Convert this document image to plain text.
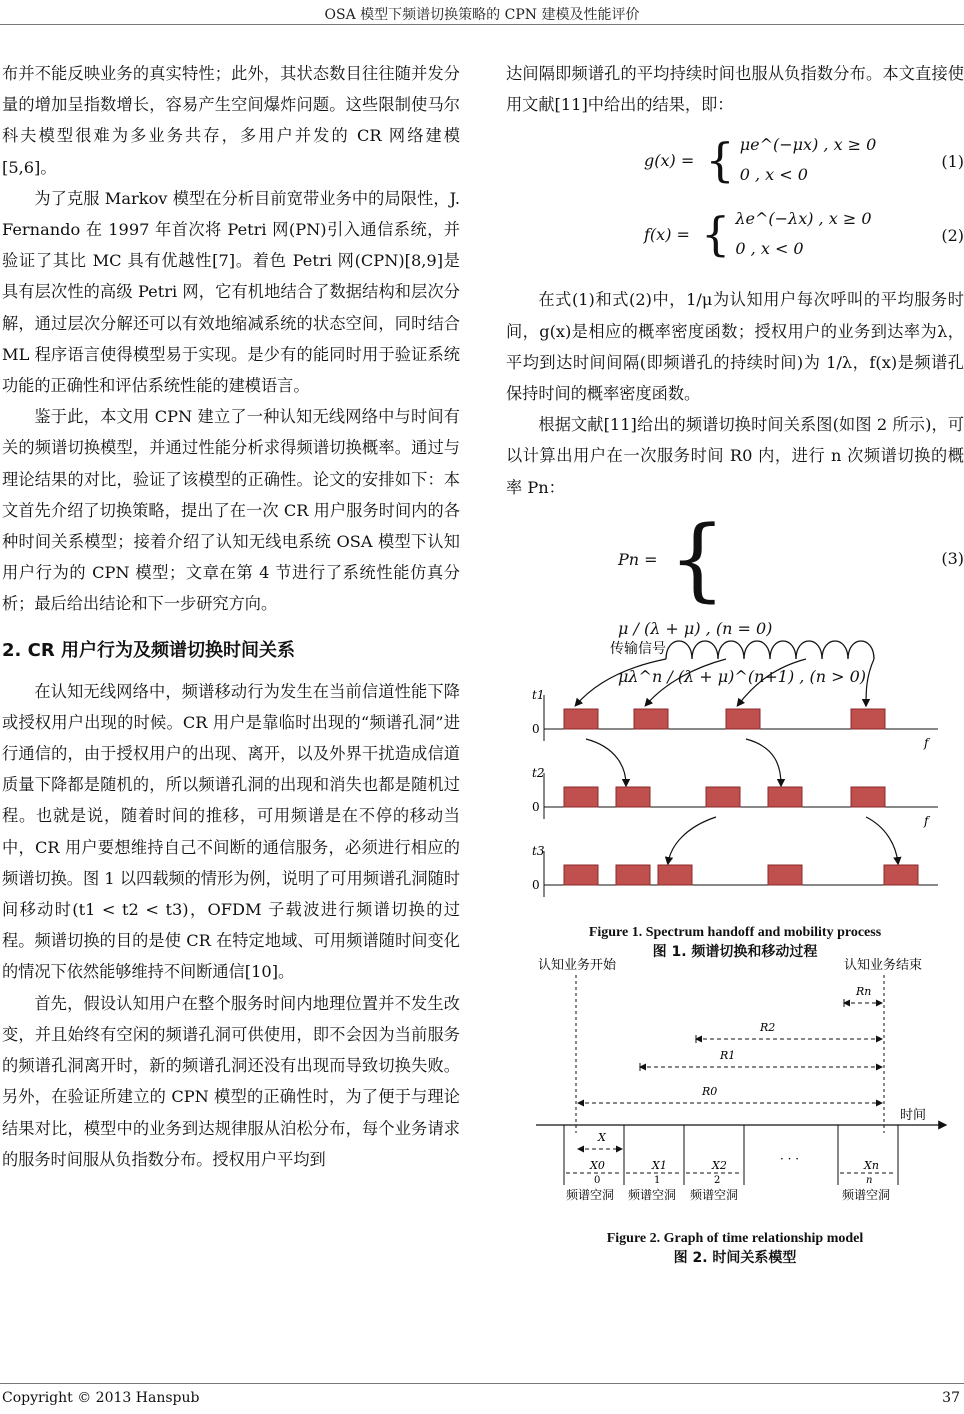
OSA 模型下频谱切换策略的 CPN 建模及性能评价

布并不能反映业务的真实特性；此外，其状态数目往往随并发分量的增加呈指数增长，容易产生空间爆炸问题。这些限制使马尔科夫模型很难为多业务共存，多用户并发的 CR 网络建模[5,6]。

为了克服 Markov 模型在分析目前宽带业务中的局限性，J. Fernando 在 1997 年首次将 Petri 网(PN)引入通信系统，并验证了其比 MC 具有优越性[7]。着色 Petri 网(CPN)[8,9]是具有层次性的高级 Petri 网，它有机地结合了数据结构和层次分解，通过层次分解还可以有效地缩减系统的状态空间，同时结合 ML 程序语言使得模型易于实现。是少有的能同时用于验证系统功能的正确性和评估系统性能的建模语言。

鉴于此，本文用 CPN 建立了一种认知无线网络中与时间有关的频谱切换模型，并通过性能分析求得频谱切换概率。通过与理论结果的对比，验证了该模型的正确性。论文的安排如下：本文首先介绍了切换策略，提出了在一次 CR 用户服务时间内的各种时间关系模型；接着介绍了认知无线电系统 OSA 模型下认知用户行为的 CPN 模型；文章在第 4 节进行了系统性能仿真分析；最后给出结论和下一步研究方向。

2. CR 用户行为及频谱切换时间关系

在认知无线网络中，频谱移动行为发生在当前信道性能下降或授权用户出现的时候。CR 用户是靠临时出现的“频谱孔洞”进行通信的，由于授权用户的出现、离开，以及外界干扰造成信道质量下降都是随机的，所以频谱孔洞的出现和消失也都是随机过程。也就是说，随着时间的推移，可用频谱是在不停的移动当中，CR 用户要想维持自己不间断的通信服务，必须进行相应的频谱切换。图 1 以四载频的情形为例，说明了可用频谱孔洞随时间移动时(t1 < t2 < t3)，OFDM 子载波进行频谱切换的过程。频谱切换的目的是使 CR 在特定地域、可用频谱随时间变化的情况下依然能够维持不间断通信[10]。

首先，假设认知用户在整个服务时间内地理位置并不发生改变，并且始终有空闲的频谱孔洞可供使用，即不会因为当前服务的频谱孔洞离开时，新的频谱孔洞还没有出现而导致切换失败。另外，在验证所建立的 CPN 模型的正确性时，为了便于与理论结果对比，模型中的业务到达规律服从泊松分布，每个业务请求的服务时间服从负指数分布。授权用户平均到

达间隔即频谱孔的平均持续时间也服从负指数分布。本文直接使用文献[11]中给出的结果，即：

g(x) = { μe^(−μx) , x ≥ 0
0 , x < 0
(1)
f(x) = { λe^(−λx) , x ≥ 0
0 , x < 0
(2)

在式(1)和式(2)中，1/μ为认知用户每次呼叫的平均服务时间，g(x)是相应的概率密度函数；授权用户的业务到达率为λ，平均到达时间间隔(即频谱孔的持续时间)为 1/λ，f(x)是频谱孔保持时间的概率密度函数。

根据文献[11]给出的频谱切换时间关系图(如图 2 所示)，可以计算出用户在一次服务时间 R0 内，进行 n 次频谱切换的概率 Pn：

Pn = {
μ / (λ + μ) , (n = 0)
μλ^n / (λ + μ)^(n+1) , (n > 0)
(3)
传输信号
t1
0
f
t2
0
f
t3
0
Figure 1. Spectrum handoff and mobility process
图 1. 频谱切换和移动过程
认知业务开始	认知业务结束
Rn
R2
R1
R0
时间
X
X0	X1	X2	Xn
· · ·
0	1	2	n
频谱空洞 频谱空洞 频谱空洞	频谱空洞
Figure 2. Graph of time relationship model
图 2. 时间关系模型
Copyright © 2013 Hanspub	37
